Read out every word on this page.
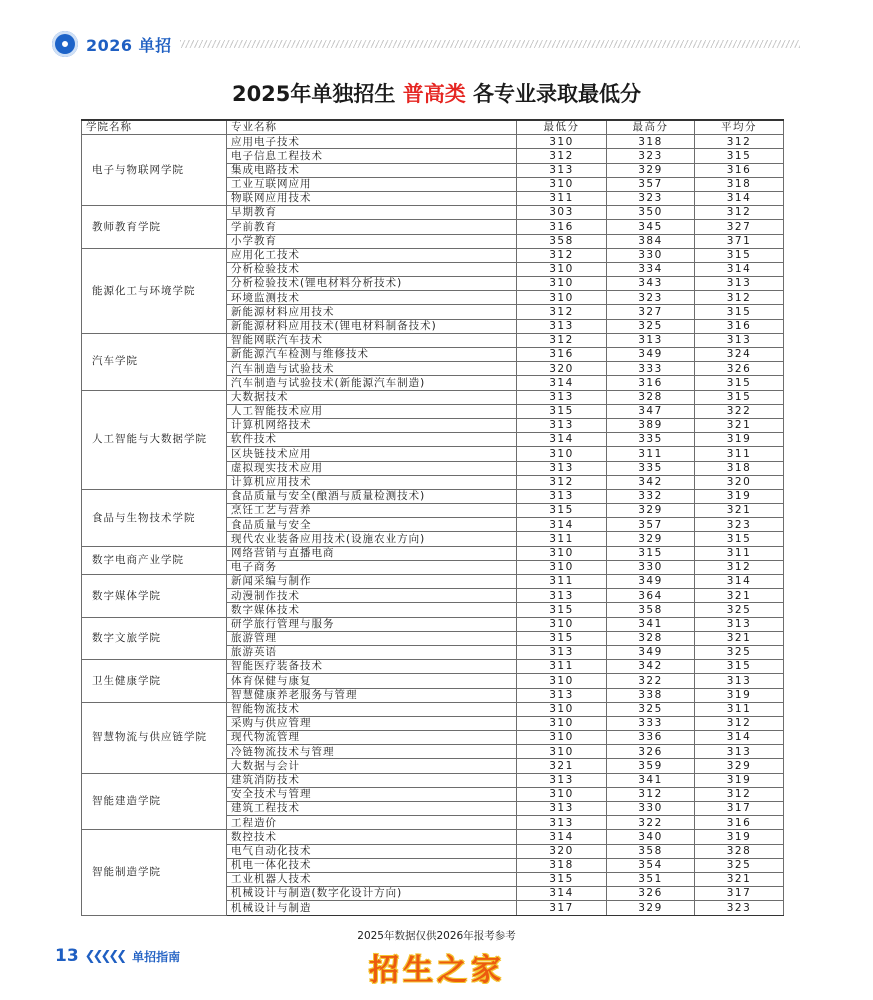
2026 单招
2025年单独招生 普高类 各专业录取最低分
学院名称	专业名称	最低分	最高分	平均分
电子与物联网学院	应用电子技术	310	318	312
	电子信息工程技术	312	323	315
	集成电路技术	313	329	316
	工业互联网应用	310	357	318
	物联网应用技术	311	323	314
教师教育学院	早期教育	303	350	312
	学前教育	316	345	327
	小学教育	358	384	371
能源化工与环境学院	应用化工技术	312	330	315
	分析检验技术	310	334	314
	分析检验技术(锂电材料分析技术)	310	343	313
	环境监测技术	310	323	312
	新能源材料应用技术	312	327	315
	新能源材料应用技术(锂电材料制备技术)	313	325	316
汽车学院	智能网联汽车技术	312	313	313
	新能源汽车检测与维修技术	316	349	324
	汽车制造与试验技术	320	333	326
	汽车制造与试验技术(新能源汽车制造)	314	316	315
人工智能与大数据学院	大数据技术	313	328	315
	人工智能技术应用	315	347	322
	计算机网络技术	313	389	321
	软件技术	314	335	319
	区块链技术应用	310	311	311
	虚拟现实技术应用	313	335	318
	计算机应用技术	312	342	320
食品与生物技术学院	食品质量与安全(酿酒与质量检测技术)	313	332	319
	烹饪工艺与营养	315	329	321
	食品质量与安全	314	357	323
	现代农业装备应用技术(设施农业方向)	311	329	315
数字电商产业学院	网络营销与直播电商	310	315	311
	电子商务	310	330	312
数字媒体学院	新闻采编与制作	311	349	314
	动漫制作技术	313	364	321
	数字媒体技术	315	358	325
数字文旅学院	研学旅行管理与服务	310	341	313
	旅游管理	315	328	321
	旅游英语	313	349	325
卫生健康学院	智能医疗装备技术	311	342	315
	体育保健与康复	310	322	313
	智慧健康养老服务与管理	313	338	319
智慧物流与供应链学院	智能物流技术	310	325	311
	采购与供应管理	310	333	312
	现代物流管理	310	336	314
	冷链物流技术与管理	310	326	313
	大数据与会计	321	359	329
智能建造学院	建筑消防技术	313	341	319
	安全技术与管理	310	312	312
	建筑工程技术	313	330	317
	工程造价	313	322	316
智能制造学院	数控技术	314	340	319
	电气自动化技术	320	358	328
	机电一体化技术	318	354	325
	工业机器人技术	315	351	321
	机械设计与制造(数字化设计方向)	314	326	317
	机械设计与制造	317	329	323
2025年数据仅供2026年报考参考
13 ❮❮❮❮❮ 单招指南	招生之家
